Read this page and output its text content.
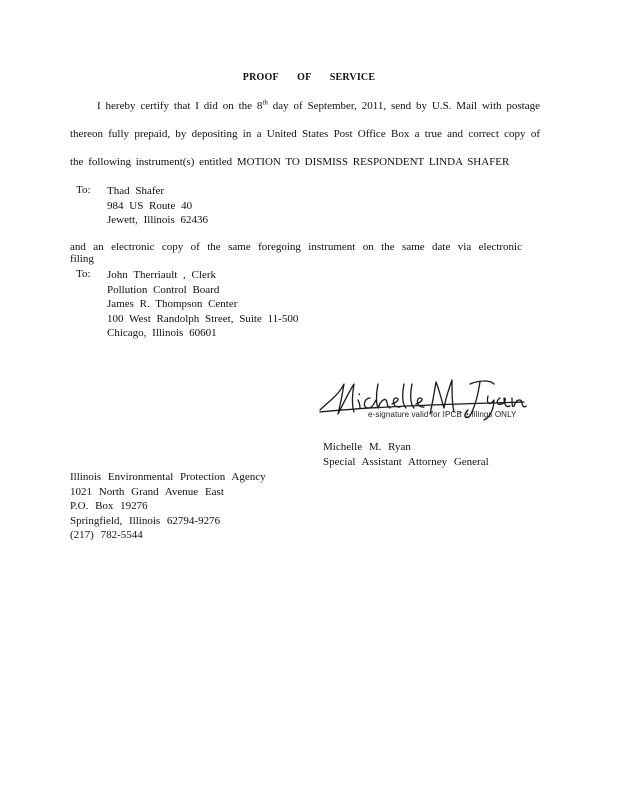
PROOF OF SERVICE
I hereby certify that I did on the 8th day of September, 2011, send by U.S. Mail with postage thereon fully prepaid, by depositing in a United States Post Office Box a true and correct copy of the following instrument(s) entitled MOTION TO DISMISS RESPONDENT LINDA SHAFER
To: Thad Shafer
984 US Route 40
Jewett, Illinois 62436
and an electronic copy of the same foregoing instrument on the same date via electronic filing
To: John Therriault , Clerk
Pollution Control Board
James R. Thompson Center
100 West Randolph Street, Suite 11-500
Chicago, Illinois 60601
e-signature valid for IPCB e-filings ONLY
Michelle M. Ryan
Special Assistant Attorney General
Illinois Environmental Protection Agency
1021 North Grand Avenue East
P.O. Box 19276
Springfield, Illinois 62794-9276
(217) 782-5544
